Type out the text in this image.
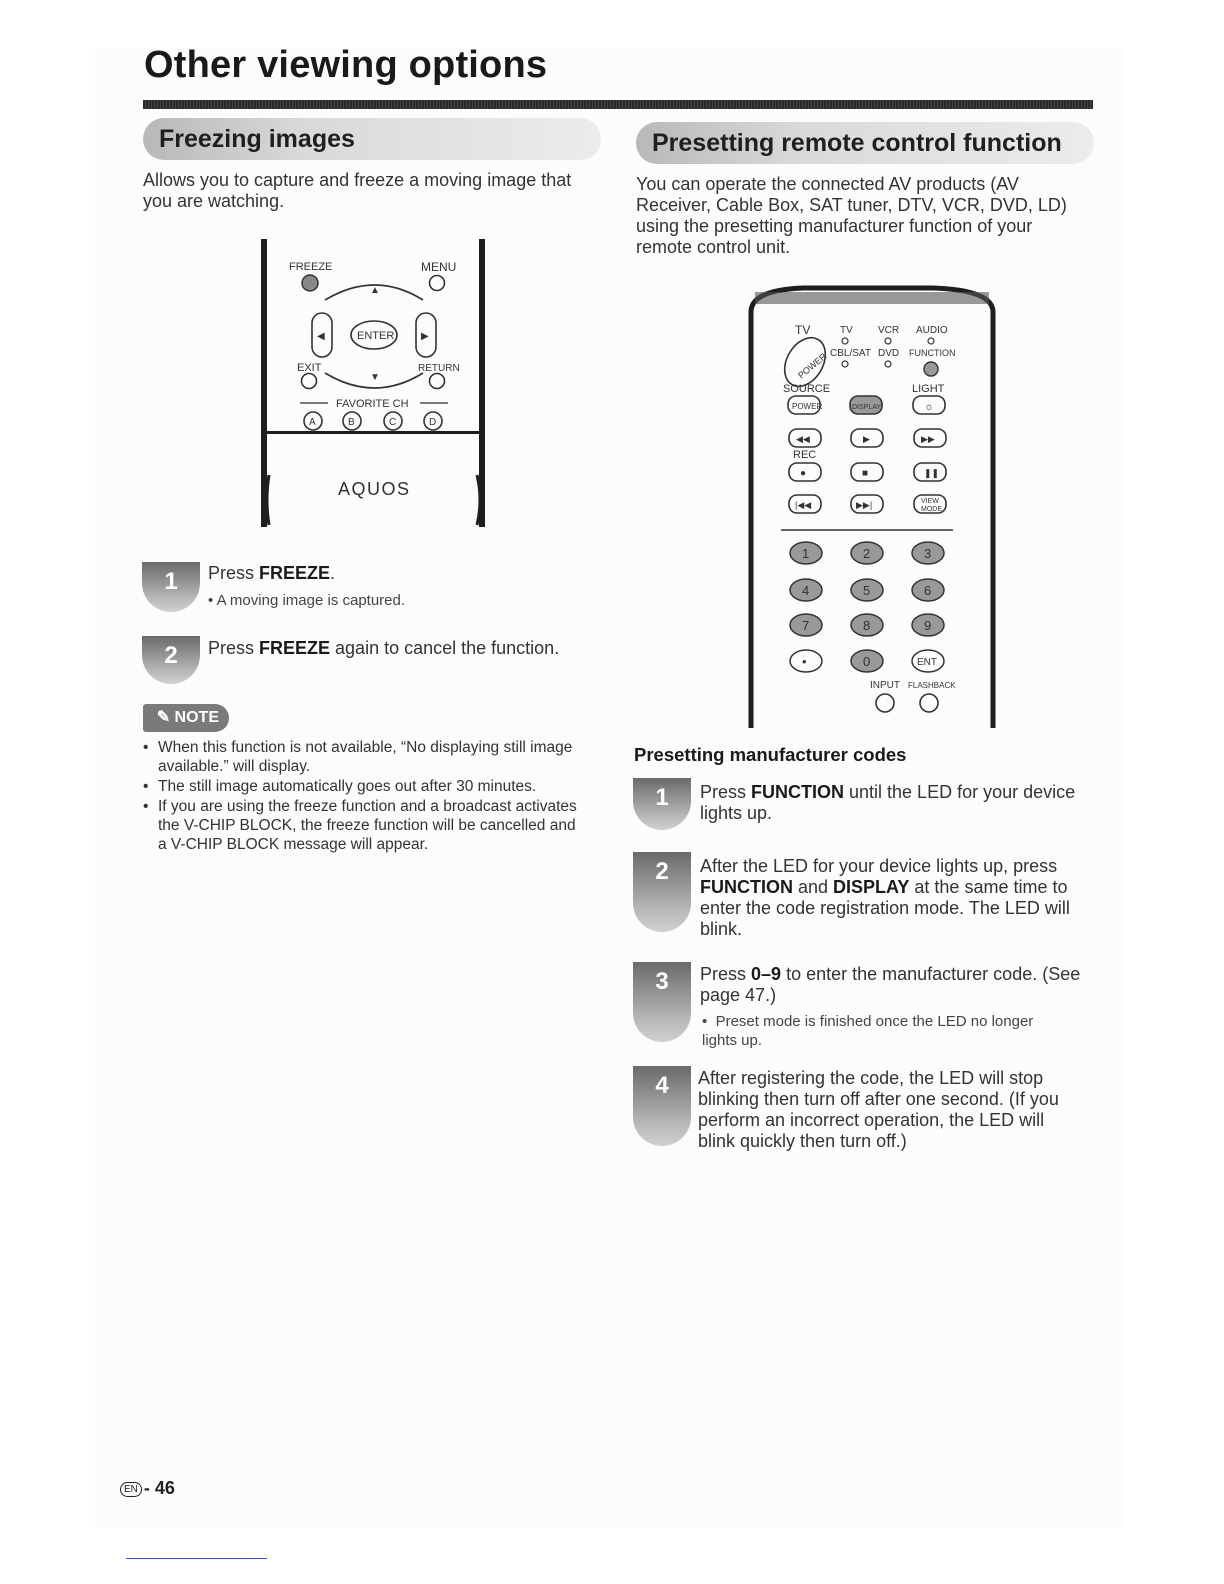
Other viewing options
Freezing images

Allows you to capture and freeze a moving image that you are watching.

FREEZE	MENU
▲
▼
◀	▶
ENTER
EXIT	RETURN
FAVORITE CH
A	B	C	D
AQUOS
1	Press FREEZE.

• A moving image is captured.

2	Press FREEZE again to cancel the function.

✎ NOTE
• When this function is not available, “No displaying still image available.” will display.
• The still image automatically goes out after 30 minutes.
• If you are using the freeze function and a broadcast activates the V-CHIP BLOCK, the freeze function will be cancelled and a V-CHIP BLOCK message will appear.
Presetting remote control function

You can operate the connected AV products (AV Receiver, Cable Box, SAT tuner, DTV, VCR, DVD, LD) using the presetting manufacturer function of your remote control unit.

TV
POWER
TV	VCR AUDIO
CBL/SAT DVD FUNCTION
SOURCE	LIGHT
POWER	DISPLAY	☼
◀◀	▶	▶▶
REC
●	■	❚❚
|◀◀	▶▶|	VIEW
MODE
1	2	3
4	5	6
7	8	9
•	0	ENT
INPUT FLASHBACK
Presetting manufacturer codes
1	Press FUNCTION until the LED for your device lights up.

2	After the LED for your device lights up, press FUNCTION and DISPLAY at the same time to enter the code registration mode. The LED will blink.

3	Press 0–9 to enter the manufacturer code. (See page 47.)

•  Preset mode is finished once the LED no longer lights up.

4	After registering the code, the LED will stop blinking then turn off after one second. (If you perform an incorrect operation, the LED will blink quickly then turn off.)

EN - 46
